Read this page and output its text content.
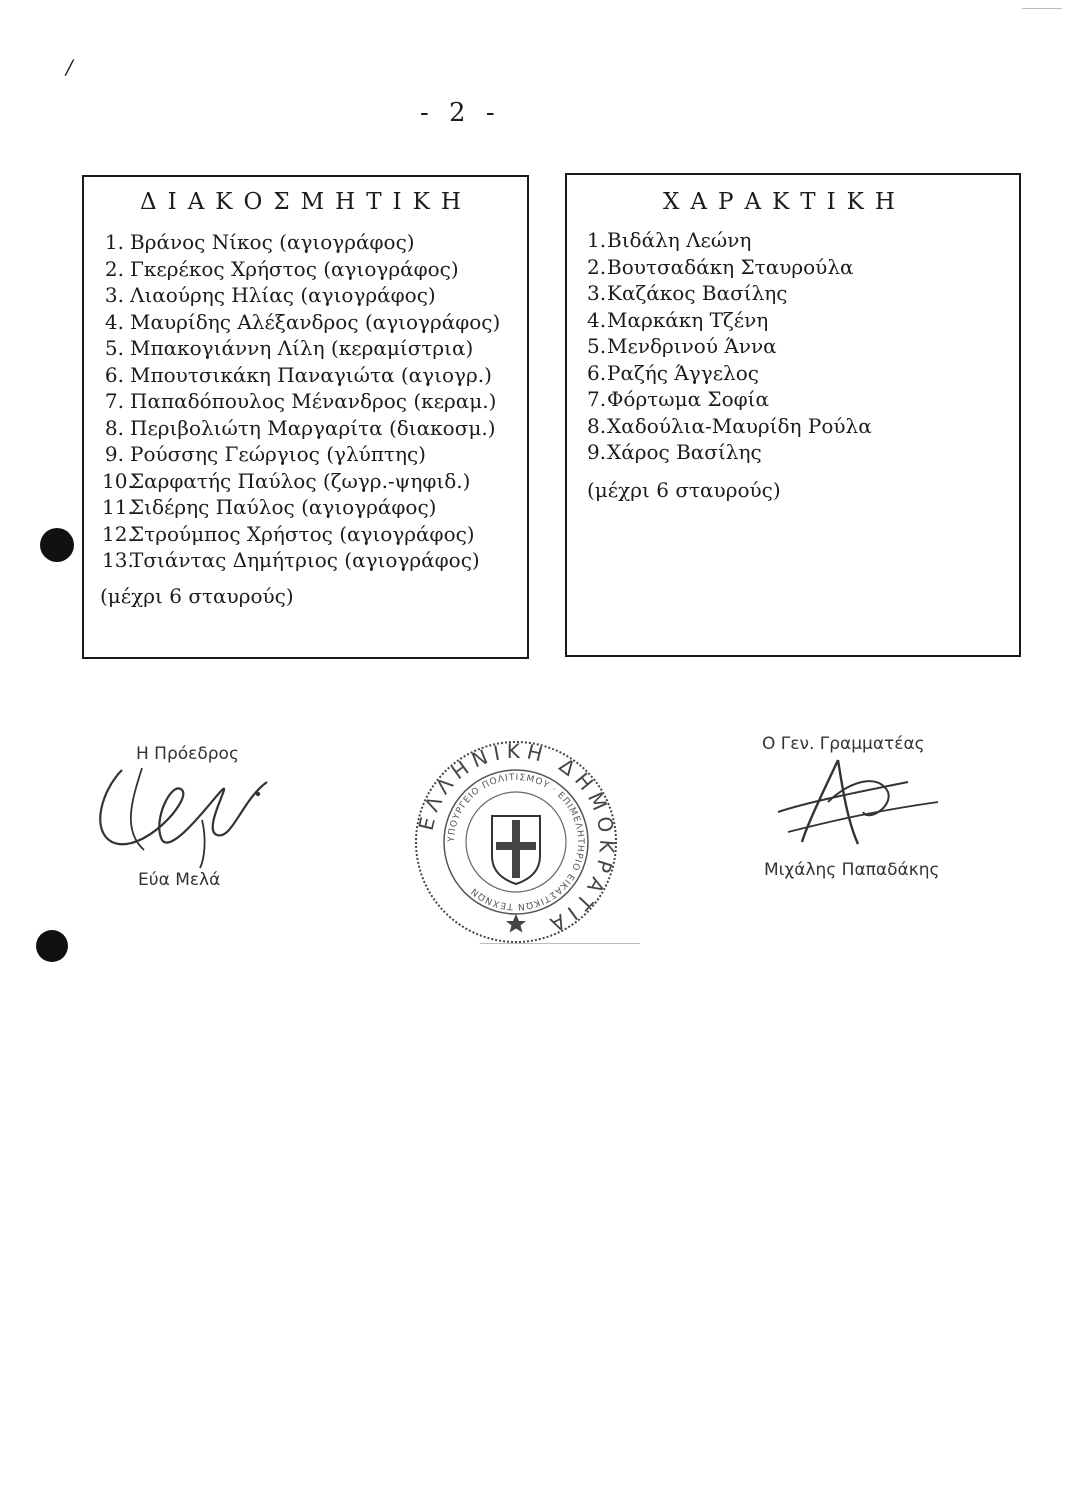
/
- 2 -
ΔΙΑΚΟΣΜΗΤΙΚΗ
1. Βράνος Νίκος (αγιογράφος)
2. Γκερέκος Χρήστος (αγιογράφος)
3. Λιαούρης Ηλίας (αγιογράφος)
4. Μαυρίδης Αλέξανδρος (αγιογράφος)
5. Μπακογιάννη Λίλη (κεραμίστρια)
6. Μπουτσικάκη Παναγιώτα (αγιογρ.)
7. Παπαδόπουλος Μένανδρος (κεραμ.)
8. Περιβολιώτη Μαργαρίτα (διακοσμ.)
9. Ρούσσης Γεώργιος (γλύπτης)
10.Σαρφατής Παύλος (ζωγρ.-ψηφιδ.)
11.Σιδέρης Παύλος (αγιογράφος)
12.Στρούμπος Χρήστος (αγιογράφος)
13.Τσιάντας Δημήτριος (αγιογράφος)
(μέχρι 6 σταυρούς)
ΧΑΡΑΚΤΙΚΗ
1.Βιδάλη Λεώνη
2.Βουτσαδάκη Σταυρούλα
3.Καζάκος Βασίλης
4.Μαρκάκη Τζένη
5.Μενδρινού Άννα
6.Ραζής Άγγελος
7.Φόρτωμα Σοφία
8.Χαδούλια-Μαυρίδη Ρούλα
9.Χάρος Βασίλης
(μέχρι 6 σταυρούς)
Η Πρόεδρος
Εύα Μελά
ΕΛΛΗΝΙΚΗ ΔΗΜΟΚΡΑΤΙΑ
ΥΠΟΥΡΓΕΙΟ ΠΟΛΙΤΙΣΜΟΥ · ΕΠΙΜΕΛΗΤΗΡΙΟ ΕΙΚΑΣΤΙΚΩΝ ΤΕΧΝΩΝ
Ο Γεν. Γραμματέας
Μιχάλης Παπαδάκης
